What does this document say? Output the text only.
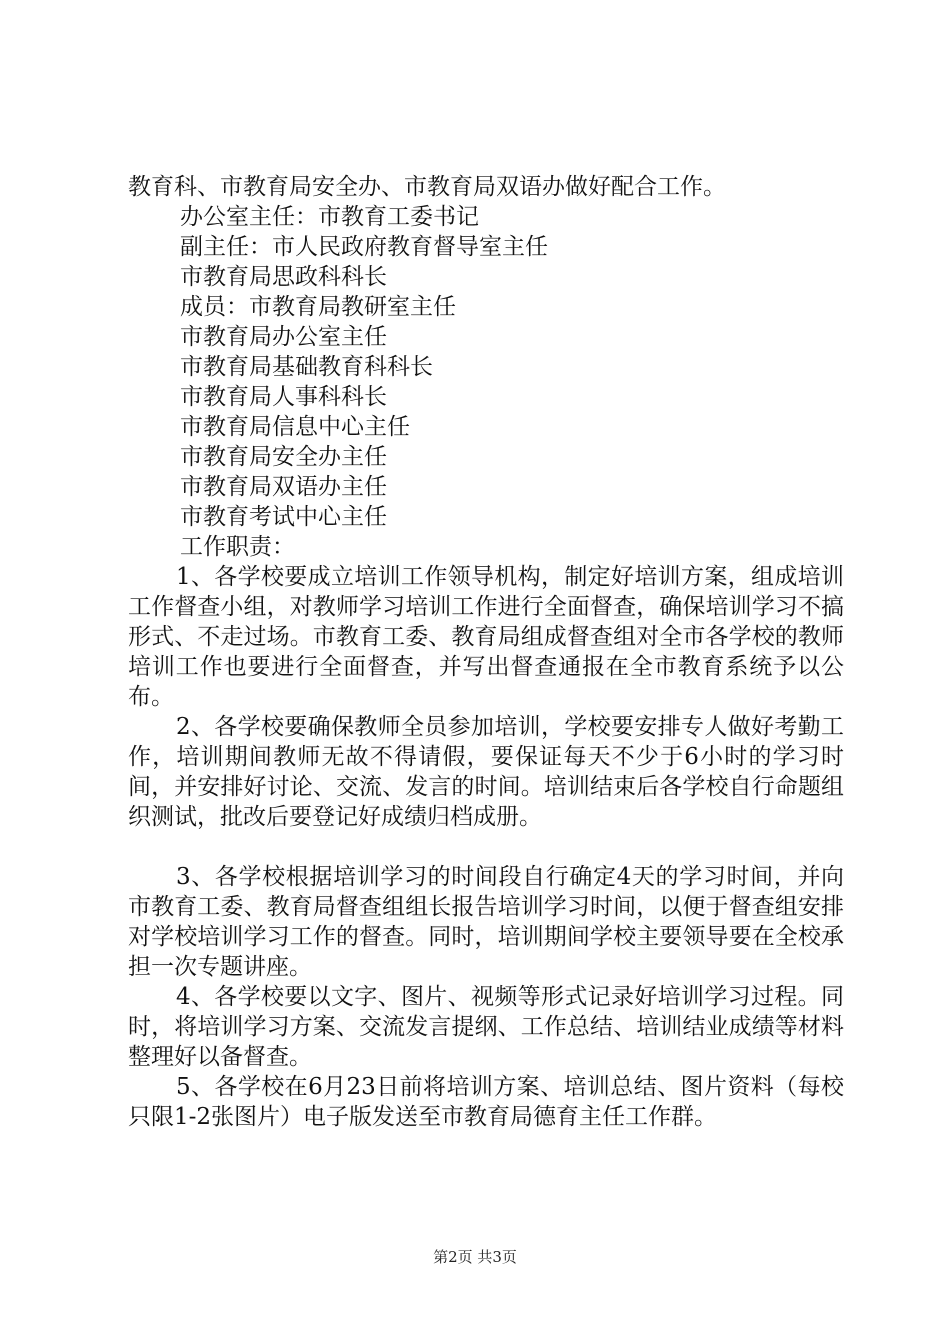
教育科、市教育局安全办、市教育局双语办做好配合工作。
办公室主任：市教育工委书记
副主任：市人民政府教育督导室主任
市教育局思政科科长
成员：市教育局教研室主任
市教育局办公室主任
市教育局基础教育科科长
市教育局人事科科长
市教育局信息中心主任
市教育局安全办主任
市教育局双语办主任
市教育考试中心主任
工作职责：

1、各学校要成立培训工作领导机构，制定好培训方案，组成培训工作督查小组，对教师学习培训工作进行全面督查，确保培训学习不搞形式、不走过场。市教育工委、教育局组成督查组对全市各学校的教师培训工作也要进行全面督查，并写出督查通报在全市教育系统予以公布。

2、各学校要确保教师全员参加培训，学校要安排专人做好考勤工作，培训期间教师无故不得请假，要保证每天不少于6小时的学习时间，并安排好讨论、交流、发言的时间。培训结束后各学校自行命题组织测试，批改后要登记好成绩归档成册。

3、各学校根据培训学习的时间段自行确定4天的学习时间，并向市教育工委、教育局督查组组长报告培训学习时间，以便于督查组安排对学校培训学习工作的督查。同时，培训期间学校主要领导要在全校承担一次专题讲座。

4、各学校要以文字、图片、视频等形式记录好培训学习过程。同时，将培训学习方案、交流发言提纲、工作总结、培训结业成绩等材料整理好以备督查。

5、各学校在6月23日前将培训方案、培训总结、图片资料（每校只限1-2张图片）电子版发送至市教育局德育主任工作群。

第2页 共3页
